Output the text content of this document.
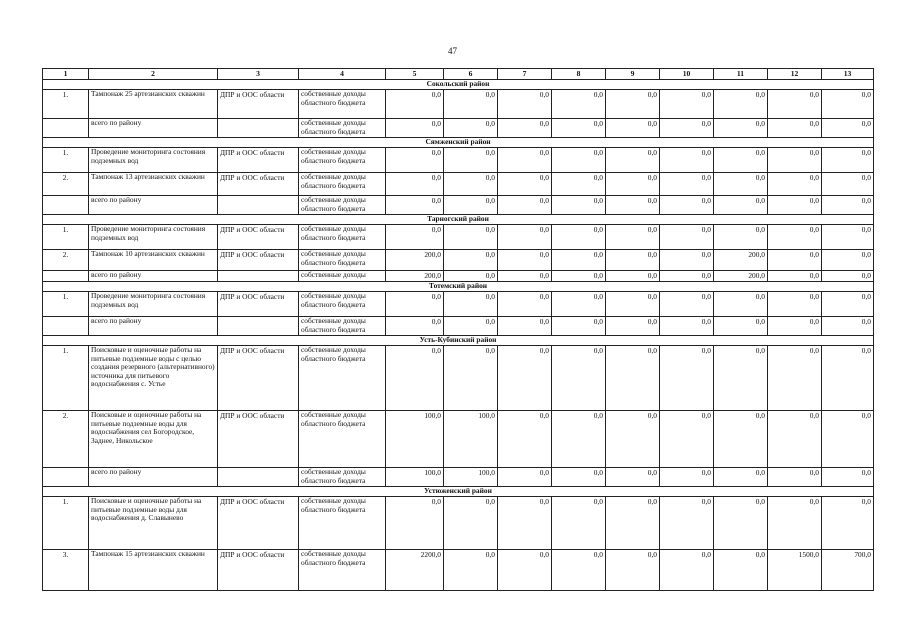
47
1	2	3	4	5	6	7	8	9	10	11	12	13
Сокольский район												
1.	Тампонаж 25 артезианских скважин	ДПР и ООС области	собственные доходы областного бюджета	0,0	0,0	0,0	0,0	0,0	0,0	0,0	0,0	0,0
	всего по району		собственные доходы областного бюджета	0,0	0,0	0,0	0,0	0,0	0,0	0,0	0,0	0,0
Сямженский район												
1.	Проведение мониторинга состояния подземных вод	ДПР и ООС области	собственные доходы областного бюджета	0,0	0,0	0,0	0,0	0,0	0,0	0,0	0,0	0,0
2.	Тампонаж 13 артезианских скважин	ДПР и ООС области	собственные доходы областного бюджета	0,0	0,0	0,0	0,0	0,0	0,0	0,0	0,0	0,0
	всего по району		собственные доходы областного бюджета	0,0	0,0	0,0	0,0	0,0	0,0	0,0	0,0	0,0
Тарногский район												
1.	Проведение мониторинга состояния подземных вод	ДПР и ООС области	собственные доходы областного бюджета	0,0	0,0	0,0	0,0	0,0	0,0	0,0	0,0	0,0
2.	Тампонаж 10 артезианских скважин	ДПР и ООС области	собственные доходы областного бюджета	200,0	0,0	0,0	0,0	0,0	0,0	200,0	0,0	0,0
	всего по району		собственные доходы	200,0	0,0	0,0	0,0	0,0	0,0	200,0	0,0	0,0
Тотемский район												
1.	Проведение мониторинга состояния подземных вод	ДПР и ООС области	собственные доходы областного бюджета	0,0	0,0	0,0	0,0	0,0	0,0	0,0	0,0	0,0
	всего по району		собственные доходы областного бюджета	0,0	0,0	0,0	0,0	0,0	0,0	0,0	0,0	0,0
Усть-Кубинский район												
1.	Поисковые и оценочные работы на питьевые подземные воды с целью создания резервного (альтернативного) источника для питьевого водоснабжения с. Устье	ДПР и ООС области	собственные доходы областного бюджета	0,0	0,0	0,0	0,0	0,0	0,0	0,0	0,0	0,0
2.	Поисковые и оценочные работы на питьевые подземные воды для водоснабжения сел Богородское, Заднее, Никольское	ДПР и ООС области	собственные доходы областного бюджета	100,0	100,0	0,0	0,0	0,0	0,0	0,0	0,0	0,0
	всего по району		собственные доходы областного бюджета	100,0	100,0	0,0	0,0	0,0	0,0	0,0	0,0	0,0
Устюженский район												
1.	Поисковые и оценочные работы на питьевые подземные воды для водоснабжения д. Славынево	ДПР и ООС области	собственные доходы областного бюджета	0,0	0,0	0,0	0,0	0,0	0,0	0,0	0,0	0,0
3.	Тампонаж 15 артезианских скважин	ДПР и ООС области	собственные доходы областного бюджета	2200,0	0,0	0,0	0,0	0,0	0,0	0,0	1500,0	700,0
